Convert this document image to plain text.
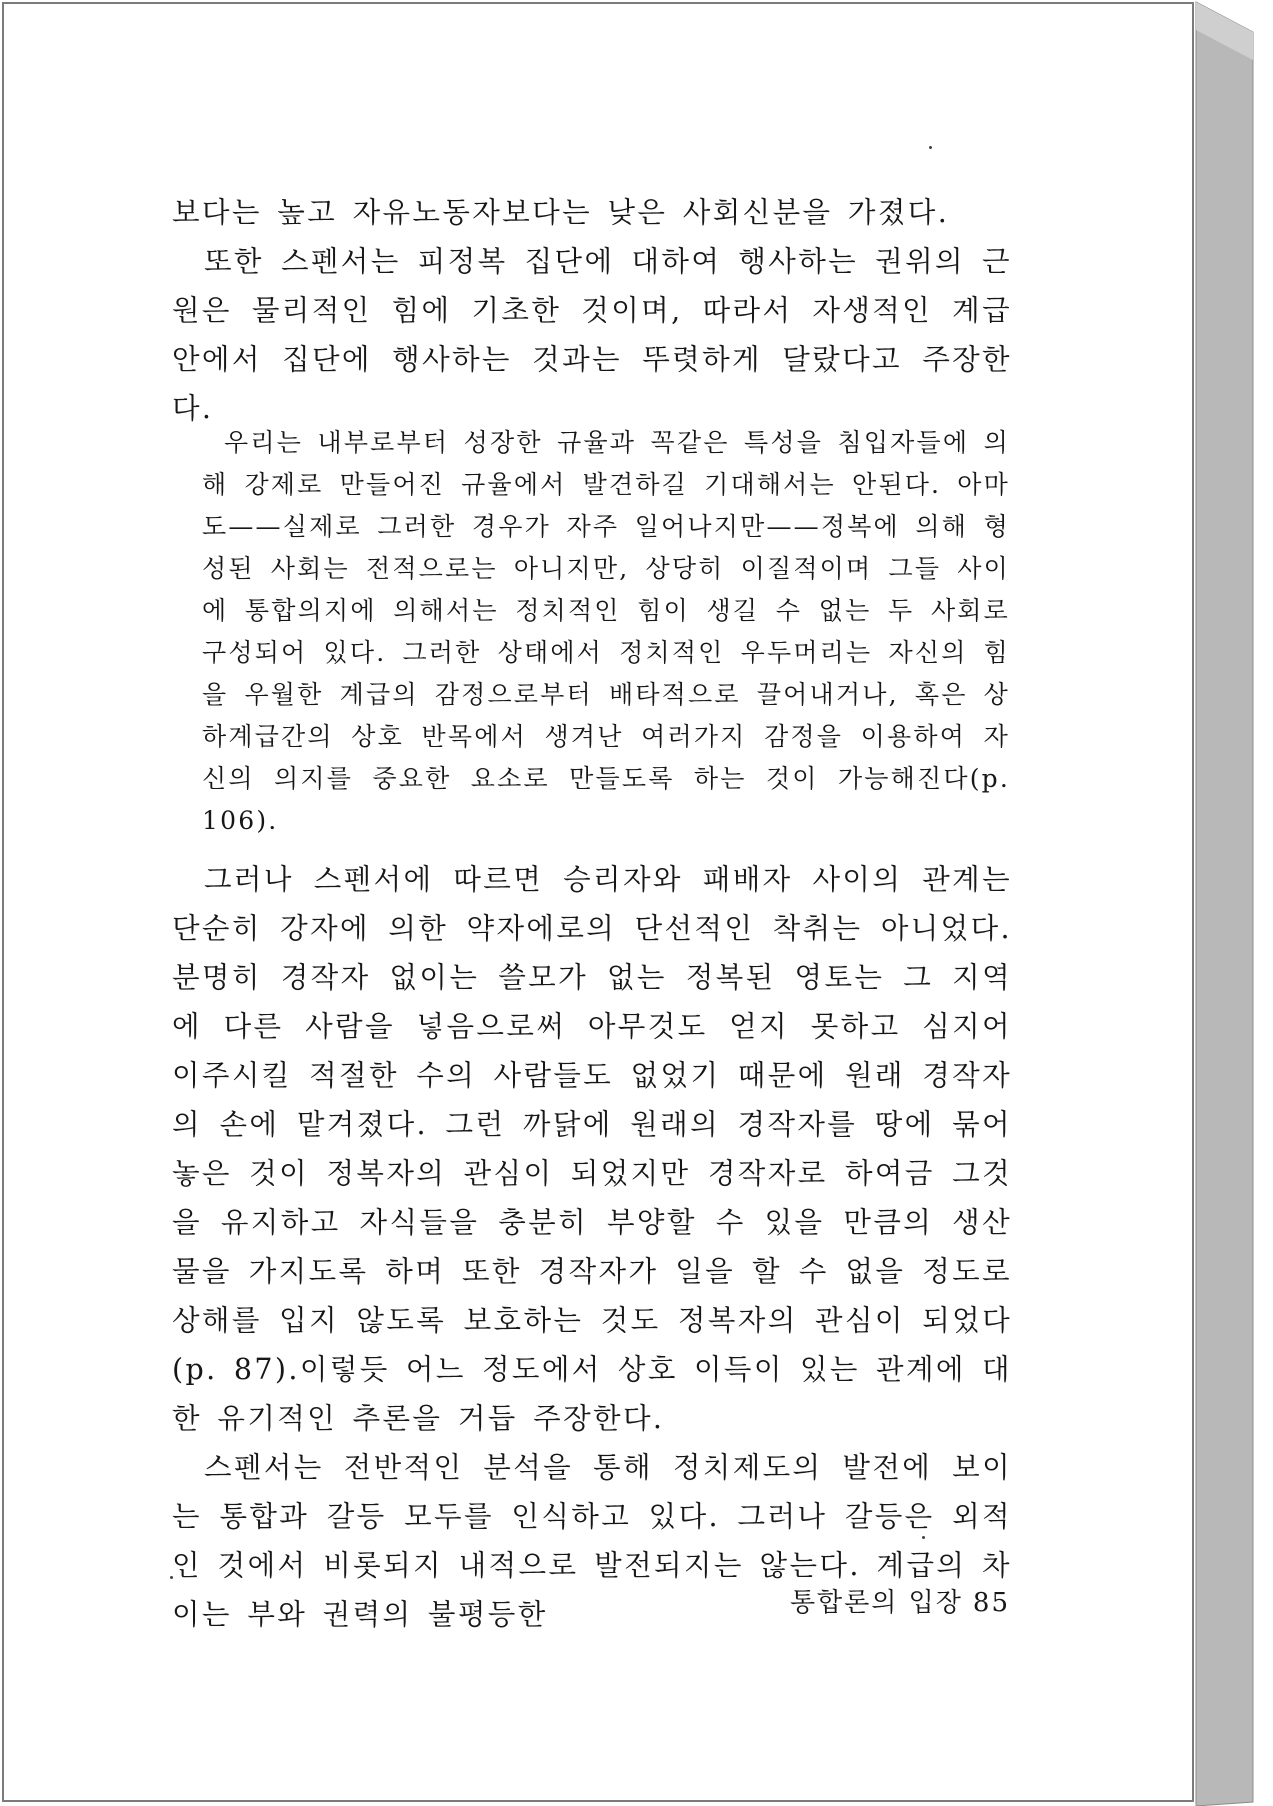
보다는 높고 자유노동자보다는 낮은 사회신분을 가졌다.

또한 스펜서는 피정복 집단에 대하여 행사하는 권위의 근원은 물리적인 힘에 기초한 것이며, 따라서 자생적인 계급 안에서 집단에 행사하는 것과는 뚜렷하게 달랐다고 주장한다.

우리는 내부로부터 성장한 규율과 꼭같은 특성을 침입자들에 의해 강제로 만들어진 규율에서 발견하길 기대해서는 안된다. 아마도——실제로 그러한 경우가 자주 일어나지만——정복에 의해 형성된 사회는 전적으로는 아니지만, 상당히 이질적이며 그들 사이에 통합의지에 의해서는 정치적인 힘이 생길 수 없는 두 사회로 구성되어 있다. 그러한 상태에서 정치적인 우두머리는 자신의 힘을 우월한 계급의 감정으로부터 배타적으로 끌어내거나, 혹은 상하계급간의 상호 반목에서 생겨난 여러가지 감정을 이용하여 자신의 의지를 중요한 요소로 만들도록 하는 것이 가능해진다(p. 106).

그러나 스펜서에 따르면 승리자와 패배자 사이의 관계는 단순히 강자에 의한 약자에로의 단선적인 착취는 아니었다. 분명히 경작자 없이는 쓸모가 없는 정복된 영토는 그 지역에 다른 사람을 넣음으로써 아무것도 얻지 못하고 심지어 이주시킬 적절한 수의 사람들도 없었기 때문에 원래 경작자의 손에 맡겨졌다. 그런 까닭에 원래의 경작자를 땅에 묶어 놓은 것이 정복자의 관심이 되었지만 경작자로 하여금 그것을 유지하고 자식들을 충분히 부양할 수 있을 만큼의 생산물을 가지도록 하며 또한 경작자가 일을 할 수 없을 정도로 상해를 입지 않도록 보호하는 것도 정복자의 관심이 되었다(p. 87).이렇듯 어느 정도에서 상호 이득이 있는 관계에 대한 유기적인 추론을 거듭 주장한다.

스펜서는 전반적인 분석을 통해 정치제도의 발전에 보이는 통합과 갈등 모두를 인식하고 있다. 그러나 갈등은 외적인 것에서 비롯되지 내적으로 발전되지는 않는다. 계급의 차이는 부와 권력의 불평등한	통합론의 입장 85
